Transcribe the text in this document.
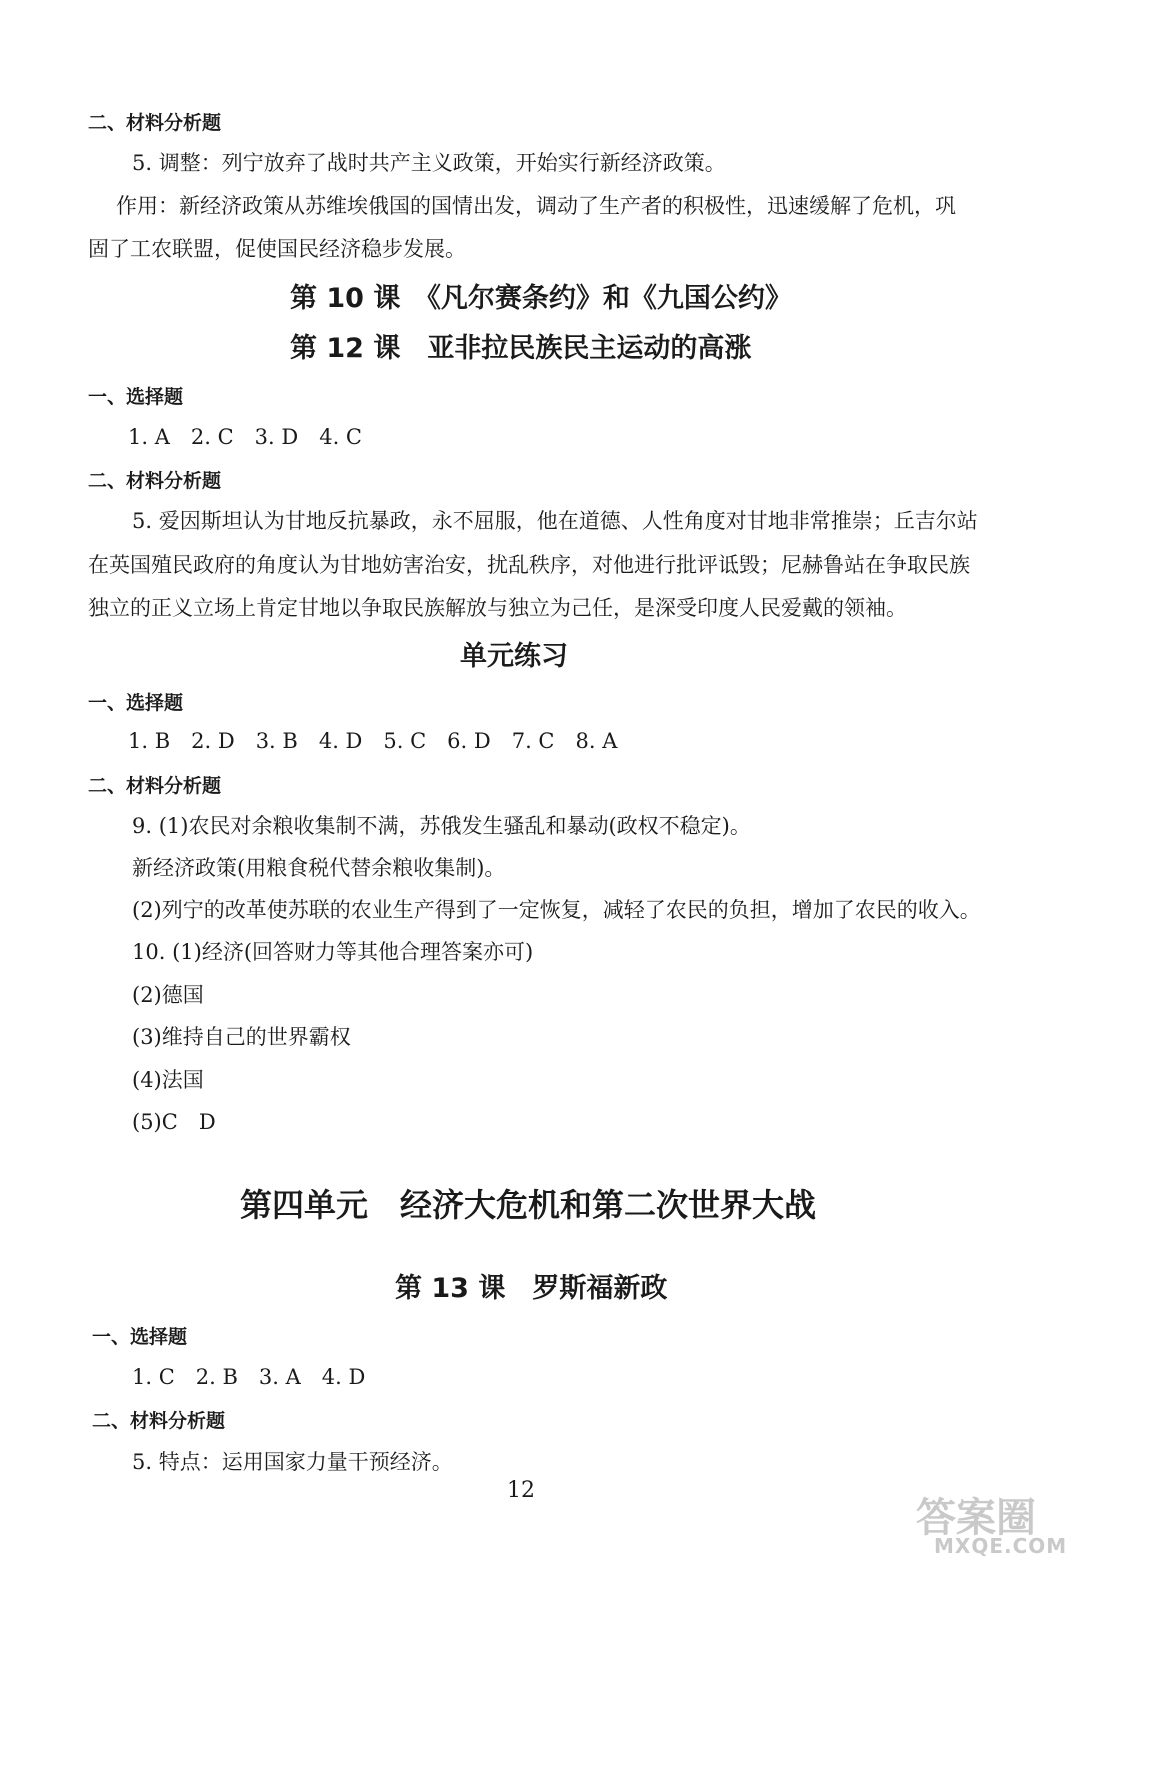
二、材料分析题
5. 调整：列宁放弃了战时共产主义政策，开始实行新经济政策。
作用：新经济政策从苏维埃俄国的国情出发，调动了生产者的积极性，迅速缓解了危机，巩
固了工农联盟，促使国民经济稳步发展。
第 10 课　《凡尔赛条约》和《九国公约》
第 12 课　亚非拉民族民主运动的高涨
一、选择题
1. A　2. C　3. D　4. C
二、材料分析题
5. 爱因斯坦认为甘地反抗暴政，永不屈服，他在道德、人性角度对甘地非常推崇；丘吉尔站
在英国殖民政府的角度认为甘地妨害治安，扰乱秩序，对他进行批评诋毁；尼赫鲁站在争取民族
独立的正义立场上肯定甘地以争取民族解放与独立为己任，是深受印度人民爱戴的领袖。
单元练习
一、选择题
1. B　2. D　3. B　4. D　5. C　6. D　7. C　8. A
二、材料分析题
9. (1)农民对余粮收集制不满，苏俄发生骚乱和暴动(政权不稳定)。
新经济政策(用粮食税代替余粮收集制)。
(2)列宁的改革使苏联的农业生产得到了一定恢复，减轻了农民的负担，增加了农民的收入。
10. (1)经济(回答财力等其他合理答案亦可)
(2)德国
(3)维持自己的世界霸权
(4)法国
(5)C　D
第四单元　经济大危机和第二次世界大战
第 13 课　罗斯福新政
一、选择题
1. C　2. B　3. A　4. D
二、材料分析题
5. 特点：运用国家力量干预经济。
12
答案圈
MXQE.COM
